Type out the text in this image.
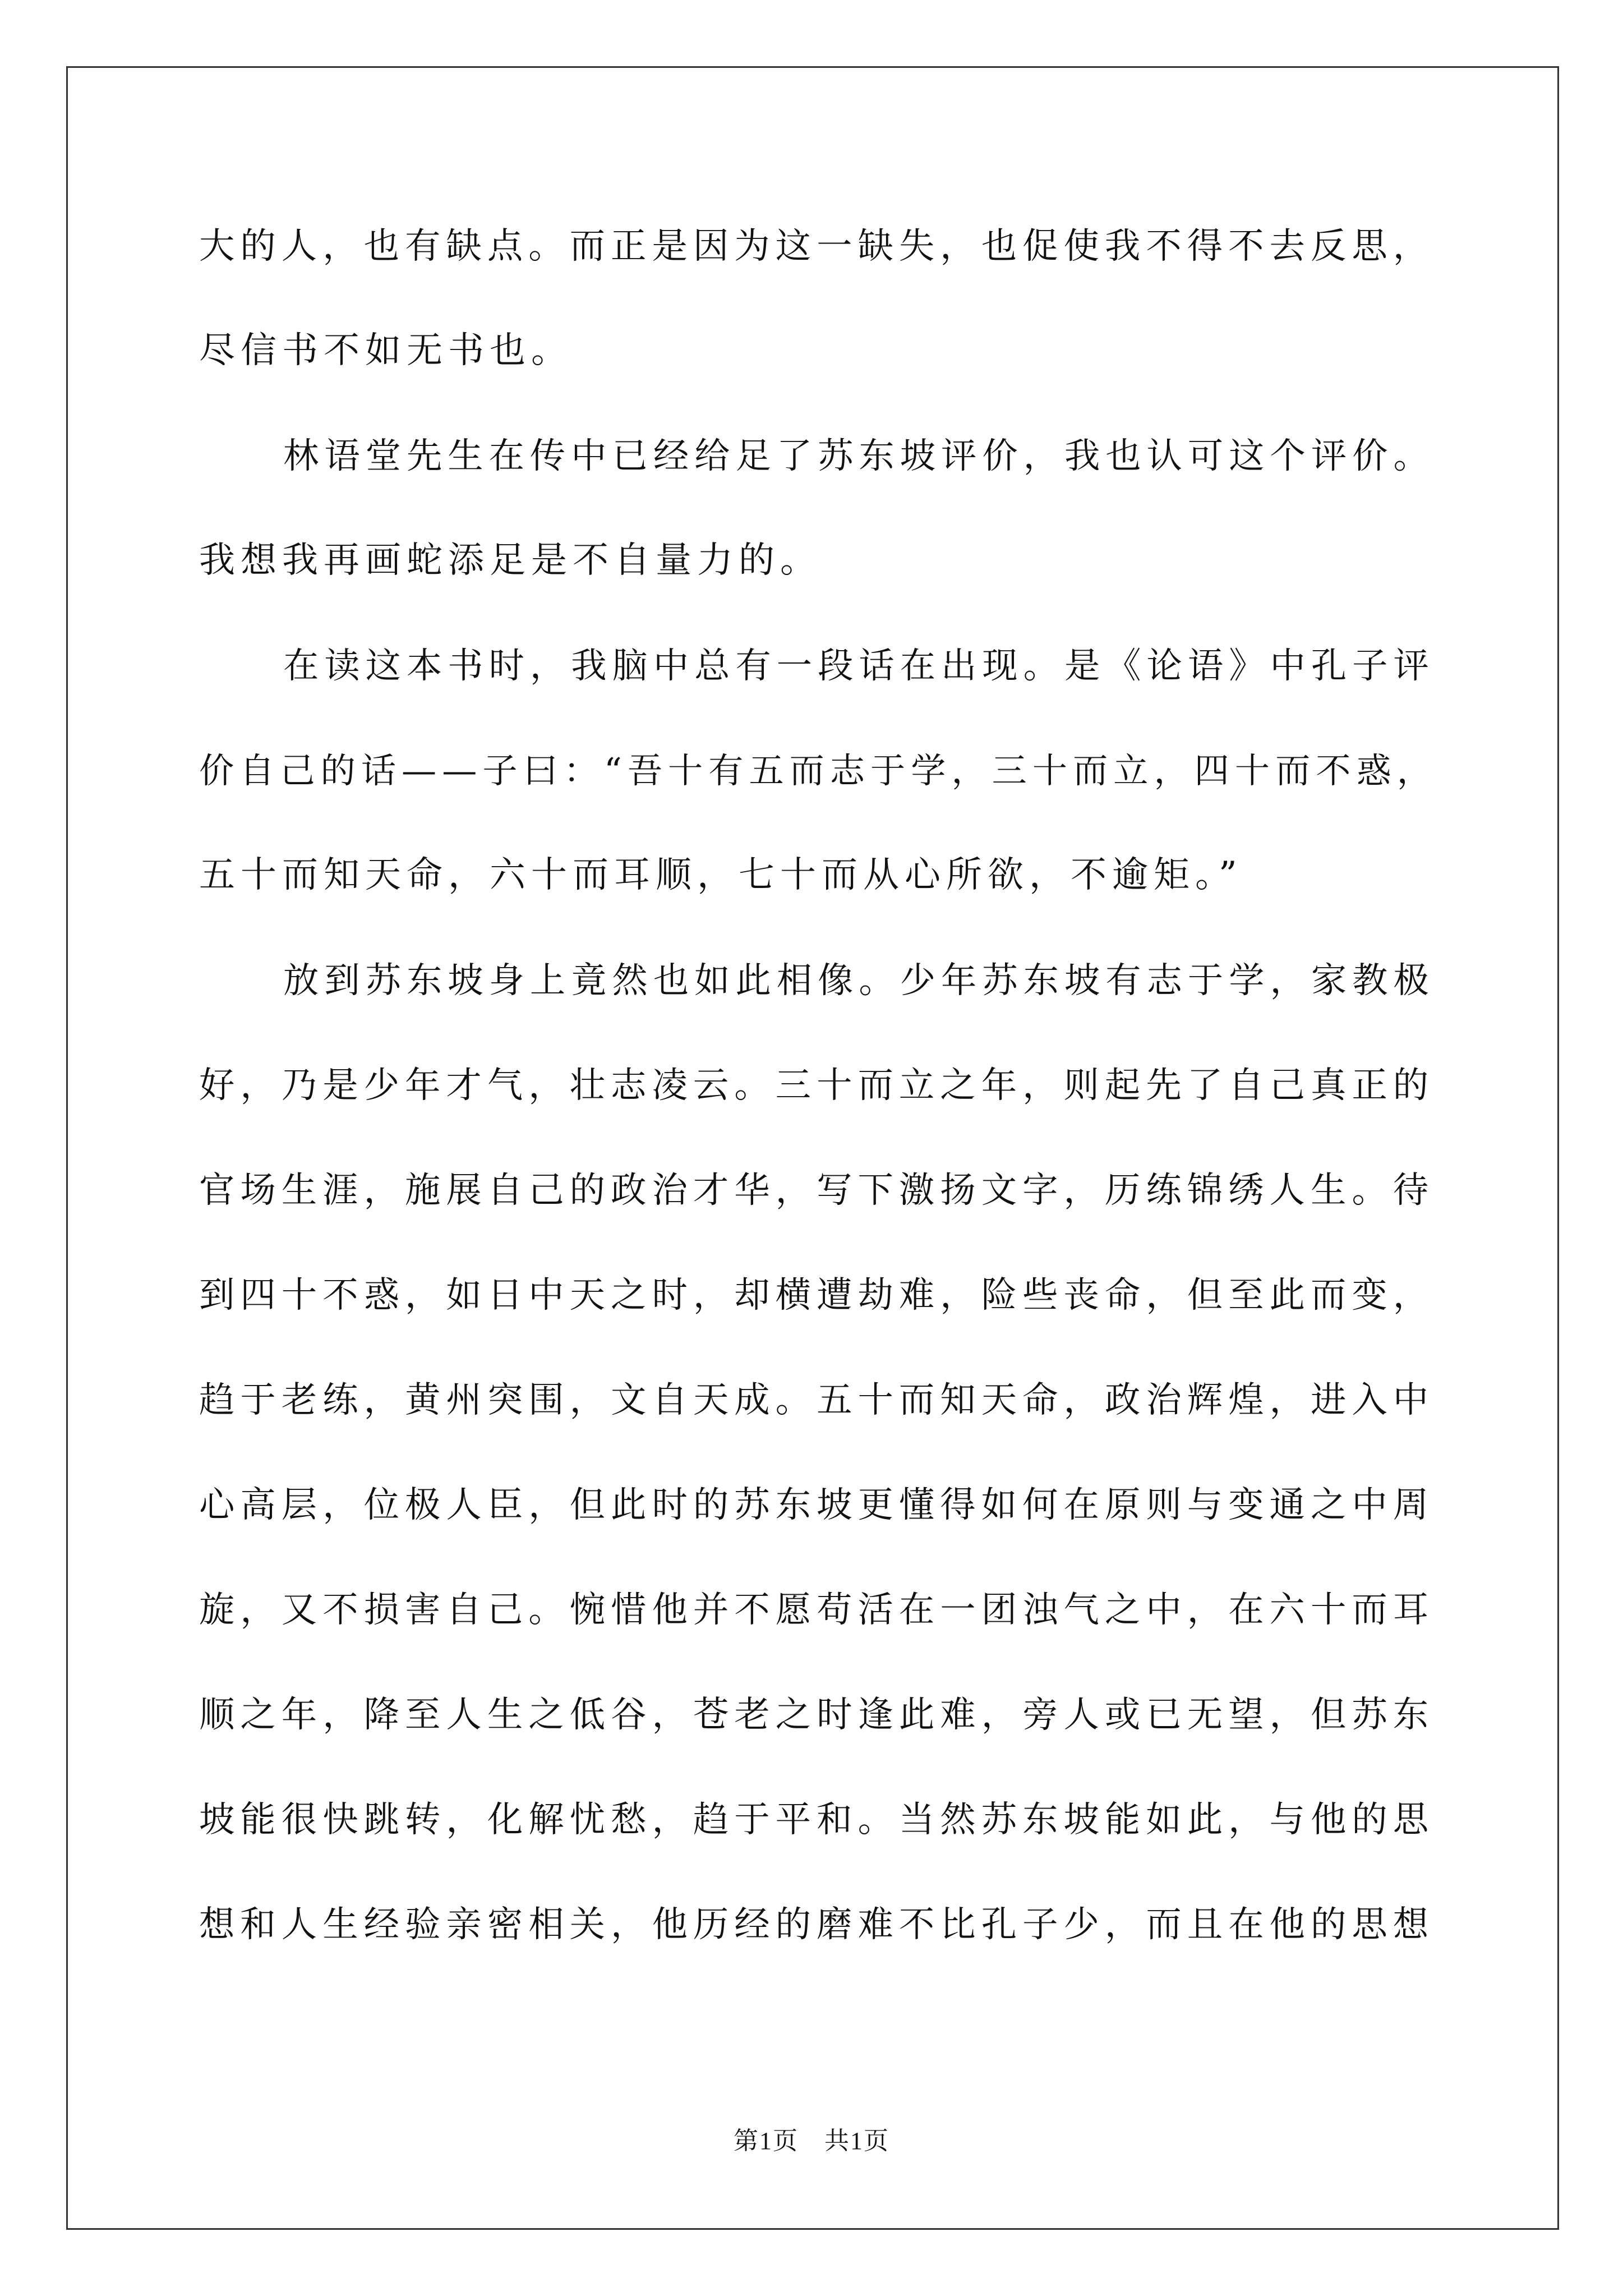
大的人，也有缺点。而正是因为这一缺失，也促使我不得不去反思，
尽信书不如无书也。
林语堂先生在传中已经给足了苏东坡评价，我也认可这个评价。
我想我再画蛇添足是不自量力的。
在读这本书时，我脑中总有一段话在出现。是《论语》中孔子评
价自己的话——子曰：“吾十有五而志于学，三十而立，四十而不惑，
五十而知天命，六十而耳顺，七十而从心所欲，不逾矩。”
放到苏东坡身上竟然也如此相像。少年苏东坡有志于学，家教极
好，乃是少年才气，壮志凌云。三十而立之年，则起先了自己真正的
官场生涯，施展自己的政治才华，写下激扬文字，历练锦绣人生。待
到四十不惑，如日中天之时，却横遭劫难，险些丧命，但至此而变，
趋于老练，黄州突围，文自天成。五十而知天命，政治辉煌，进入中
心高层，位极人臣，但此时的苏东坡更懂得如何在原则与变通之中周
旋，又不损害自己。惋惜他并不愿苟活在一团浊气之中，在六十而耳
顺之年，降至人生之低谷，苍老之时逢此难，旁人或已无望，但苏东
坡能很快跳转，化解忧愁，趋于平和。当然苏东坡能如此，与他的思
想和人生经验亲密相关，他历经的磨难不比孔子少，而且在他的思想
第1页　共1页
